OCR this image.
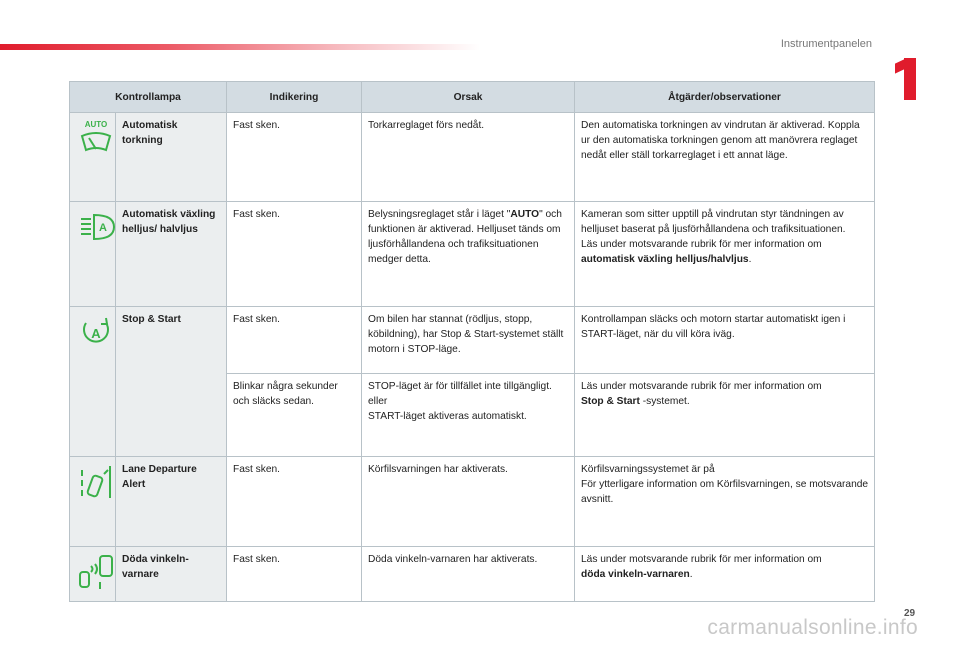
Instrumentpanelen
Kontrollampa		Indikering	Orsak	Åtgärder/observationer

AUTO	Automatisk torkning	Fast sken.	Torkarreglaget förs nedåt.	Den automatiska torkningen av vindrutan är aktiverad. Koppla ur den automatiska torkningen genom att manövrera reglaget nedåt eller ställ torkarreglaget i ett annat läge.

A	Automatisk växling helljus/ halvljus	Fast sken.	Belysningsreglaget står i läget "AUTO" och funktionen är aktiverad. Helljuset tänds om ljusförhållandena och trafiksituationen medger detta.	Kameran som sitter upptill på vindrutan styr tändningen av helljuset baserat på ljusförhållandena och trafiksituationen.
Läs under motsvarande rubrik för mer information om automatisk växling helljus/halvljus.

A	Stop & Start	Fast sken.	Om bilen har stannat (rödljus, stopp, köbildning), har Stop & Start-systemet ställt motorn i STOP-läge.	Kontrollampan släcks och motorn startar automatiskt igen i START-läget, när du vill köra iväg.
		Blinkar några sekunder och släcks sedan.	STOP-läget är för tillfället inte tillgängligt.
eller
START-läget aktiveras automatiskt.	Läs under motsvarande rubrik för mer information om
Stop & Start -systemet.
	Lane Departure Alert	Fast sken.	Körfilsvarningen har aktiverats.	Körfilsvarningssystemet är på
För ytterligare information om Körfilsvarningen, se motsvarande avsnitt.
	Döda vinkeln-varnare	Fast sken.	Döda vinkeln-varnaren har aktiverats.	Läs under motsvarande rubrik för mer information om
döda vinkeln-varnaren.
29
carmanualsonline.info
